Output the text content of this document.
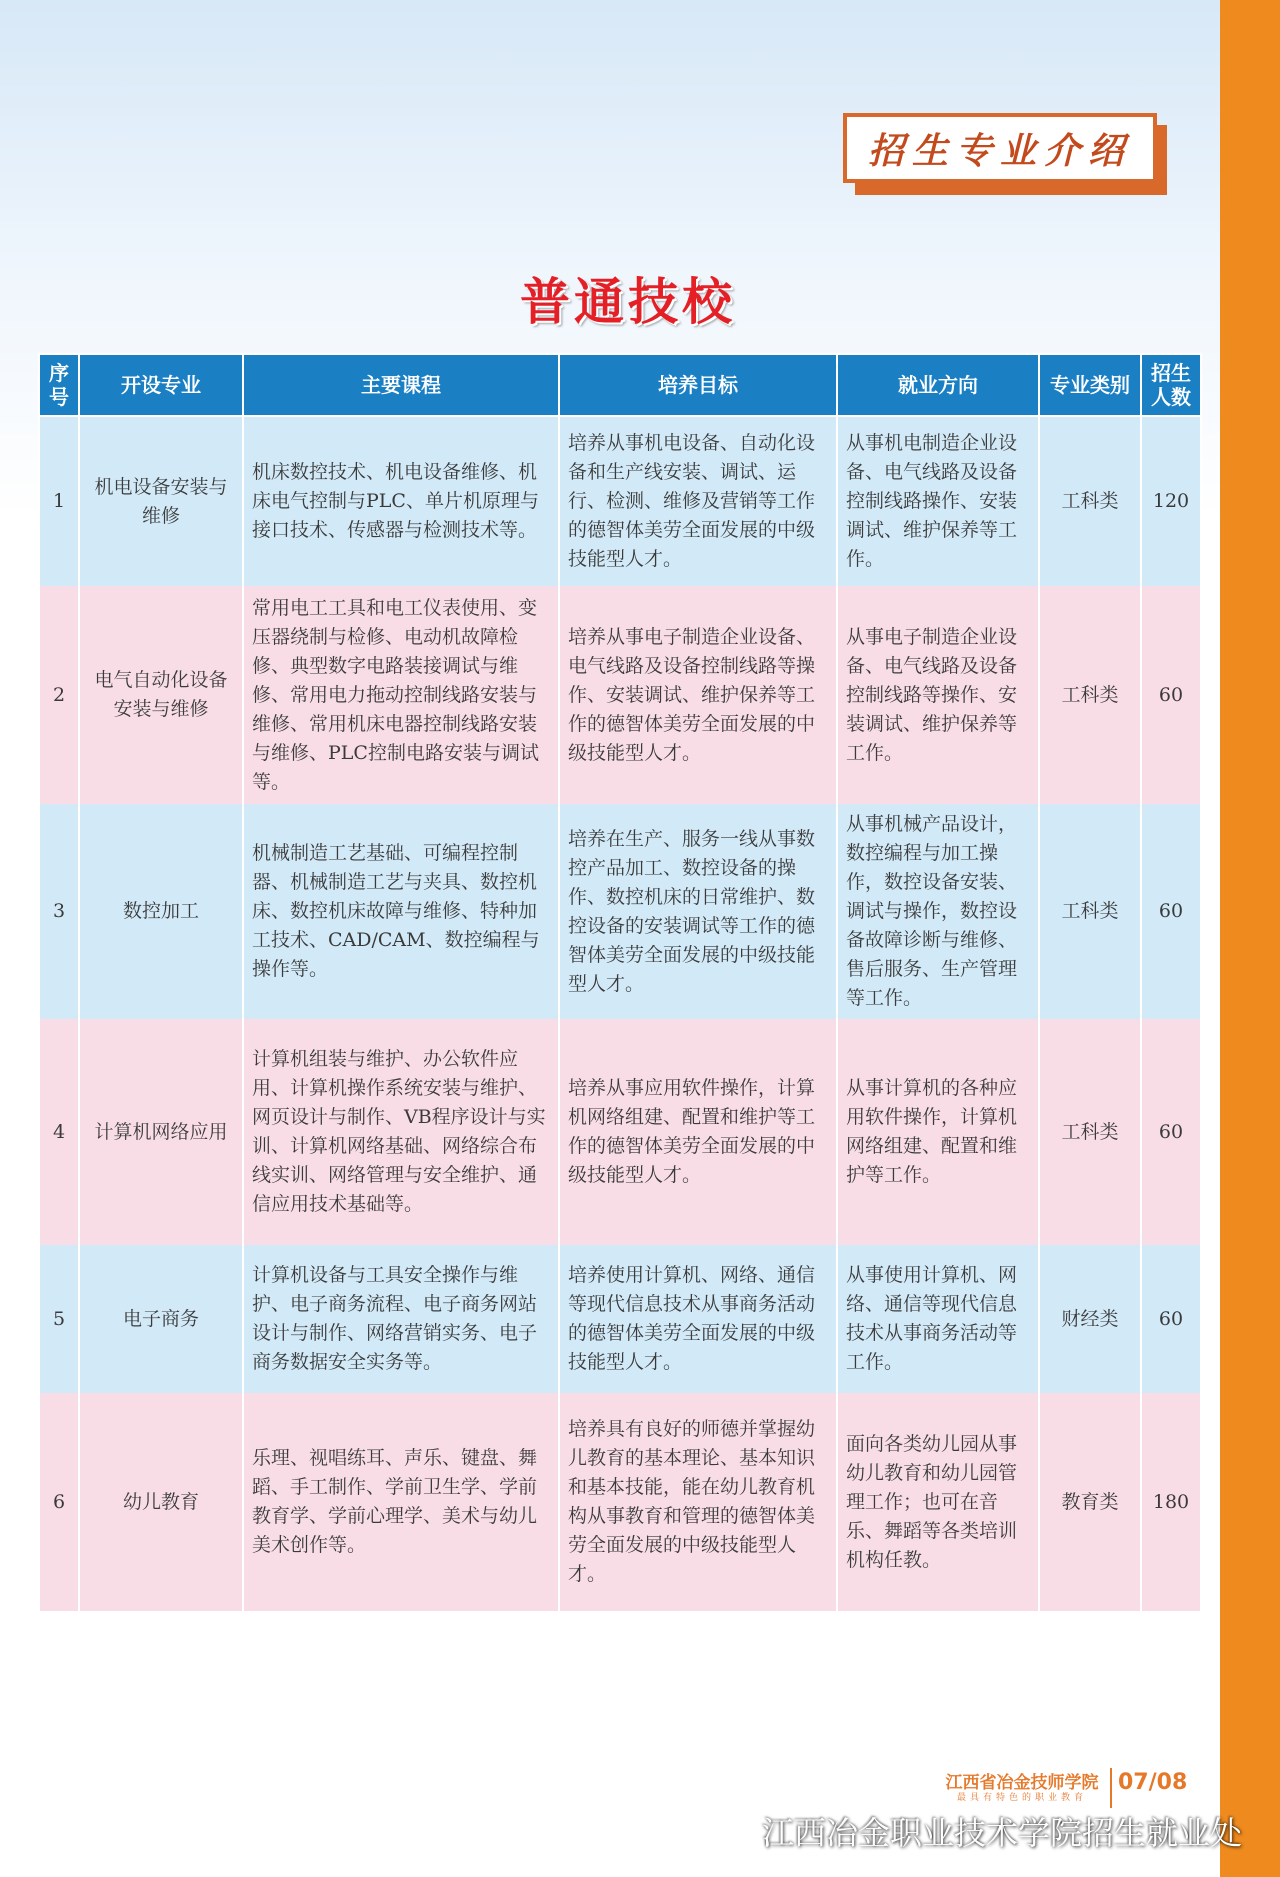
招生专业介绍
普通技校
序号	开设专业	主要课程	培养目标	就业方向	专业类别	招生人数
1	机电设备安装与维修	机床数控技术、机电设备维修、机床电气控制与PLC、单片机原理与接口技术、传感器与检测技术等。	培养从事机电设备、自动化设备和生产线安装、调试、运行、检测、维修及营销等工作的德智体美劳全面发展的中级技能型人才。	从事机电制造企业设备、电气线路及设备控制线路操作、安装调试、维护保养等工作。	工科类	120
2	电气自动化设备安装与维修	常用电工工具和电工仪表使用、变压器绕制与检修、电动机故障检修、典型数字电路装接调试与维修、常用电力拖动控制线路安装与维修、常用机床电器控制线路安装与维修、PLC控制电路安装与调试等。	培养从事电子制造企业设备、电气线路及设备控制线路等操作、安装调试、维护保养等工作的德智体美劳全面发展的中级技能型人才。	从事电子制造企业设备、电气线路及设备控制线路等操作、安装调试、维护保养等工作。	工科类	60
3	数控加工	机械制造工艺基础、可编程控制器、机械制造工艺与夹具、数控机床、数控机床故障与维修、特种加工技术、CAD/CAM、数控编程与操作等。	培养在生产、服务一线从事数控产品加工、数控设备的操作、数控机床的日常维护、数控设备的安装调试等工作的德智体美劳全面发展的中级技能型人才。	从事机械产品设计，数控编程与加工操作，数控设备安装、调试与操作，数控设备故障诊断与维修、售后服务、生产管理等工作。	工科类	60
4	计算机网络应用	计算机组装与维护、办公软件应用、计算机操作系统安装与维护、网页设计与制作、VB程序设计与实训、计算机网络基础、网络综合布线实训、网络管理与安全维护、通信应用技术基础等。	培养从事应用软件操作，计算机网络组建、配置和维护等工作的德智体美劳全面发展的中级技能型人才。	从事计算机的各种应用软件操作，计算机网络组建、配置和维护等工作。	工科类	60
5	电子商务	计算机设备与工具安全操作与维护、电子商务流程、电子商务网站设计与制作、网络营销实务、电子商务数据安全实务等。	培养使用计算机、网络、通信等现代信息技术从事商务活动的德智体美劳全面发展的中级技能型人才。	从事使用计算机、网络、通信等现代信息技术从事商务活动等工作。	财经类	60
6	幼儿教育	乐理、视唱练耳、声乐、键盘、舞蹈、手工制作、学前卫生学、学前教育学、学前心理学、美术与幼儿美术创作等。	培养具有良好的师德并掌握幼儿教育的基本理论、基本知识和基本技能，能在幼儿教育机构从事教育和管理的德智体美劳全面发展的中级技能型人才。	面向各类幼儿园从事幼儿教育和幼儿园管理工作；也可在音乐、舞蹈等各类培训机构任教。	教育类	180
江西省冶金技师学院
最具有特色的职业教育
07/08
江西冶金职业技术学院招生就业处
